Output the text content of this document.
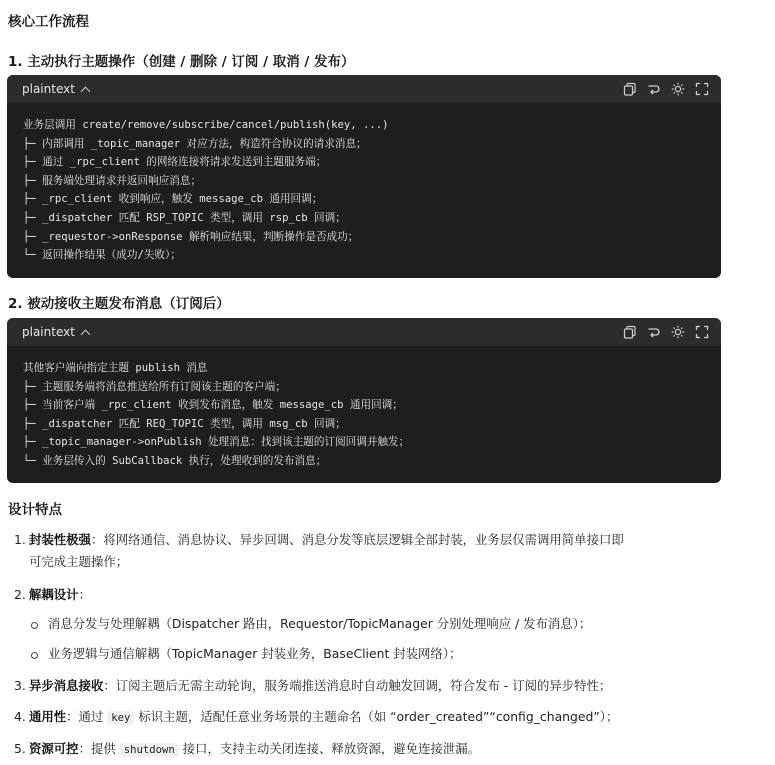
核心工作流程
1. 主动执行主题操作（创建 / 删除 / 订阅 / 取消 / 发布）
plaintext
业务层调用 create/remove/subscribe/cancel/publish(key, ...)
├─ 内部调用 _topic_manager 对应方法，构造符合协议的请求消息；
├─ 通过 _rpc_client 的网络连接将请求发送到主题服务端；
├─ 服务端处理请求并返回响应消息；
├─ _rpc_client 收到响应，触发 message_cb 通用回调；
├─ _dispatcher 匹配 RSP_TOPIC 类型，调用 rsp_cb 回调；
├─ _requestor->onResponse 解析响应结果，判断操作是否成功；
└─ 返回操作结果（成功/失败）；
2. 被动接收主题发布消息（订阅后）
plaintext
其他客户端向指定主题 publish 消息
├─ 主题服务端将消息推送给所有订阅该主题的客户端；
├─ 当前客户端 _rpc_client 收到发布消息，触发 message_cb 通用回调；
├─ _dispatcher 匹配 REQ_TOPIC 类型，调用 msg_cb 回调；
├─ _topic_manager->onPublish 处理消息：找到该主题的订阅回调并触发；
└─ 业务层传入的 SubCallback 执行，处理收到的发布消息；
设计特点
1. 封装性极强：将网络通信、消息协议、异步回调、消息分发等底层逻辑全部封装，业务层仅需调用简单接口即
可完成主题操作；
2. 解耦设计：
消息分发与处理解耦（Dispatcher 路由，Requestor/TopicManager 分别处理响应 / 发布消息）；
业务逻辑与通信解耦（TopicManager 封装业务，BaseClient 封装网络）；
3. 异步消息接收：订阅主题后无需主动轮询，服务端推送消息时自动触发回调，符合发布 - 订阅的异步特性；
4. 通用性：通过 key 标识主题，适配任意业务场景的主题命名（如 “order_created”“config_changed”）；
5. 资源可控：提供 shutdown 接口，支持主动关闭连接、释放资源，避免连接泄漏。
